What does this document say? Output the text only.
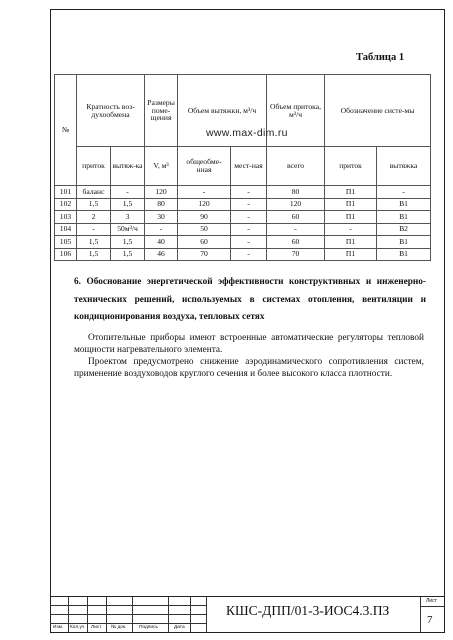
Таблица 1
№	Кратность воз-духообмена		Размеры поме-щения	Объем вытяжки, м³/ч		Объем притока, м³/ч	Обозначение систе-мы	
	приток	вытяж-ка	V, м³	общеобме-нная	мест-ная	всего	приток	вытяжка
101	баланс	-	120	-	-	80	П1	-
102	1,5	1,5	80	120	-	120	П1	В1
103	2	3	30	90	-	60	П1	В1
104	-	50м³/ч	-	50	-	-	-	В2
105	1,5	1,5	40	60	-	60	П1	В1
106	1,5	1,5	46	70	-	70	П1	В1
www.max-dim.ru
6. Обоснование энергетической эффективности конструктивных и инженерно-технических решений, используемых в системах отопления, вентиляции и кондиционирования воздуха, тепловых сетях
Отопительные приборы имеют встроенные автоматические регуляторы тепловой мощности нагревательного элемента.
Проектом предусмотрено снижение аэродинамического сопротивления систем, применение воздуховодов круглого сечения и более высокого класса плотности.
Изм. Кол.уч Лист № док.	Подпись	Дата
КШС-ДПП/01-3-ИОС4.3.ПЗ
Лист
7
